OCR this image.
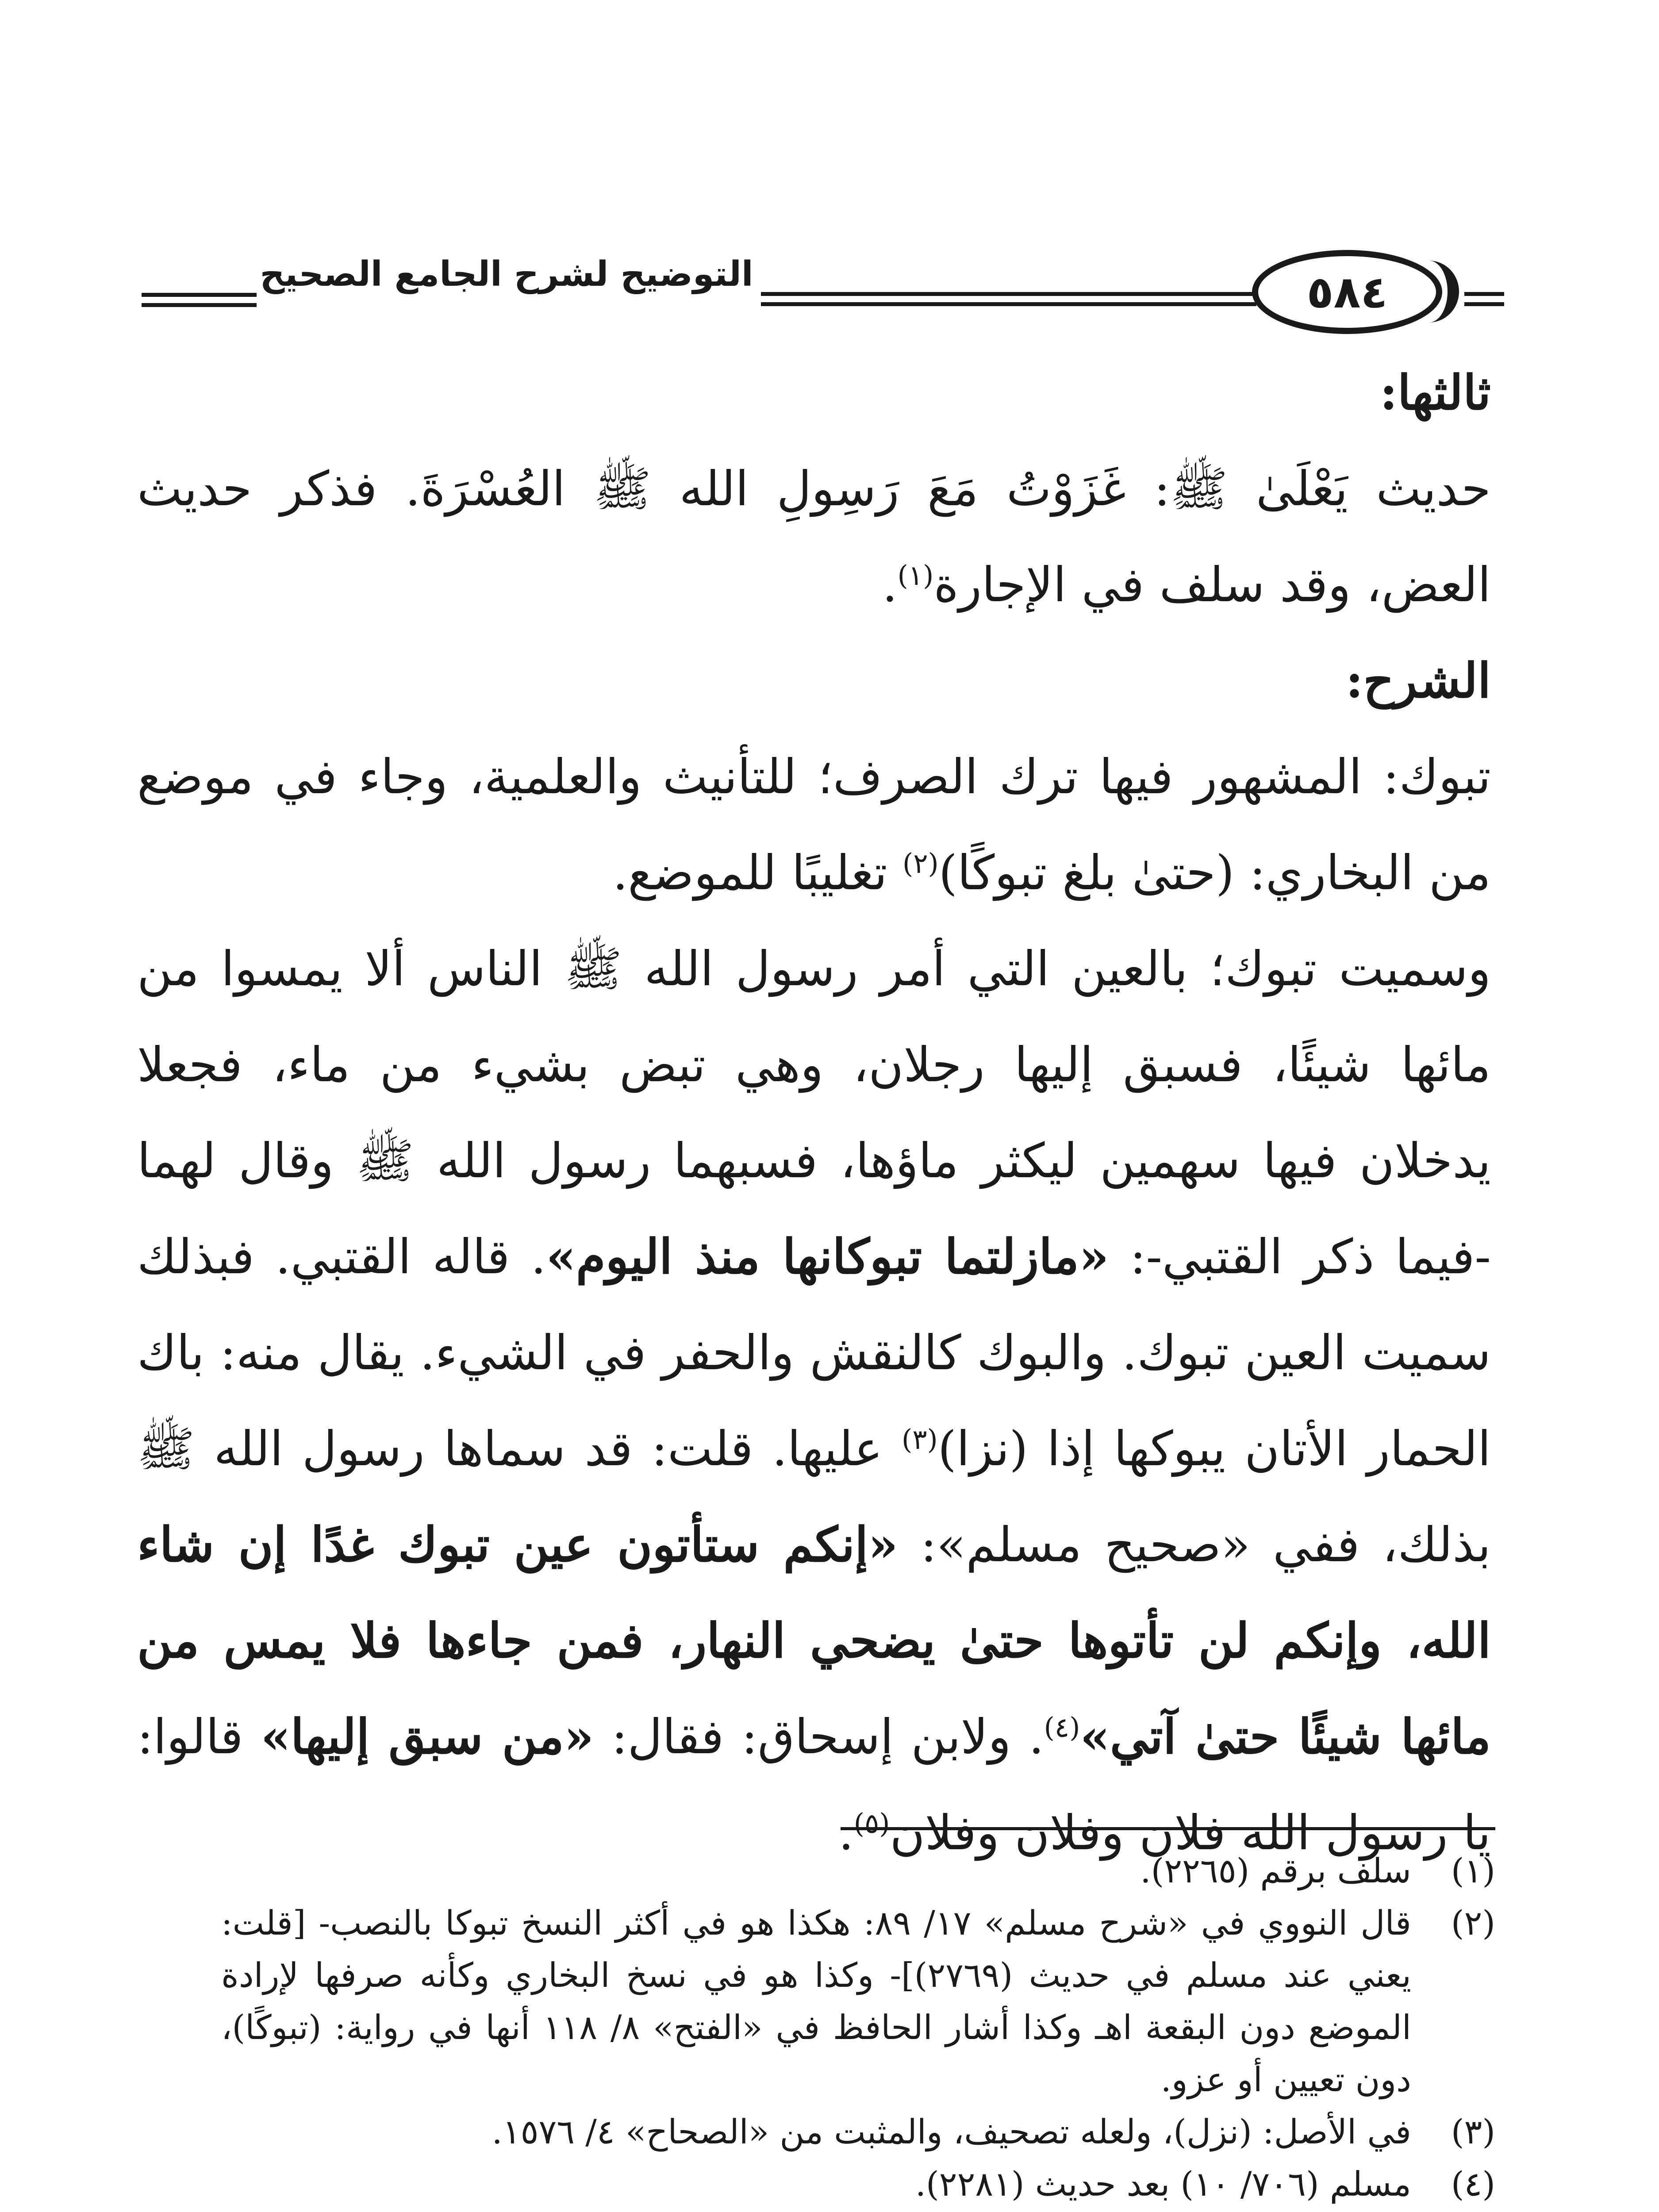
٥٨٤
التوضيح لشرح الجامع الصحيح

ثالثها:

حديث يَعْلَىٰ ﷺ: غَزَوْتُ مَعَ رَسِولِ الله ﷺ العُسْرَةَ. فذكر حديث العض، وقد سلف في الإجارة$^{(١)}$.

الشرح:

تبوك: المشهور فيها ترك الصرف؛ للتأنيث والعلمية، وجاء في موضع من البخاري: (حتىٰ بلغ تبوكًا)$^{(٢)}$ تغليبًا للموضع.

وسميت تبوك؛ بالعين التي أمر رسول الله ﷺ الناس ألا يمسوا من مائها شيئًا، فسبق إليها رجلان، وهي تبض بشيء من ماء، فجعلا يدخلان فيها سهمين ليكثر ماؤها، فسبهما رسول الله ﷺ وقال لهما -فيما ذكر القتبي-: «مازلتما تبوكانها منذ اليوم». قاله القتبي. فبذلك سميت العين تبوك. والبوك كالنقش والحفر في الشيء. يقال منه: باك الحمار الأتان يبوكها إذا (نزا)$^{(٣)}$ عليها. قلت: قد سماها رسول الله ﷺ بذلك، ففي «صحيح مسلم»: «إنكم ستأتون عين تبوك غدًا إن شاء الله، وإنكم لن تأتوها حتىٰ يضحي النهار، فمن جاءها فلا يمس من مائها شيئًا حتىٰ آتي»$^{(٤)}$. ولابن إسحاق: فقال: «من سبق إليها» قالوا: يا رسول الله فلان وفلان وفلان$^{(٥)}$.

(١)
سلف برقم (٢٢٦٥).
(٢)
قال النووي في «شرح مسلم» ١٧/ ٨٩: هكذا هو في أكثر النسخ تبوكا بالنصب- [قلت: يعني عند مسلم في حديث (٢٧٦٩)]- وكذا هو في نسخ البخاري وكأنه صرفها لإرادة الموضع دون البقعة اهـ وكذا أشار الحافظ في «الفتح» ٨/ ١١٨ أنها في رواية: (تبوكًا)، دون تعيين أو عزو.
(٣)
في الأصل: (نزل)، ولعله تصحيف، والمثبت من «الصحاح» ٤/ ١٥٧٦.
(٤)
مسلم (٧٠٦/ ١٠) بعد حديث (٢٢٨١).
